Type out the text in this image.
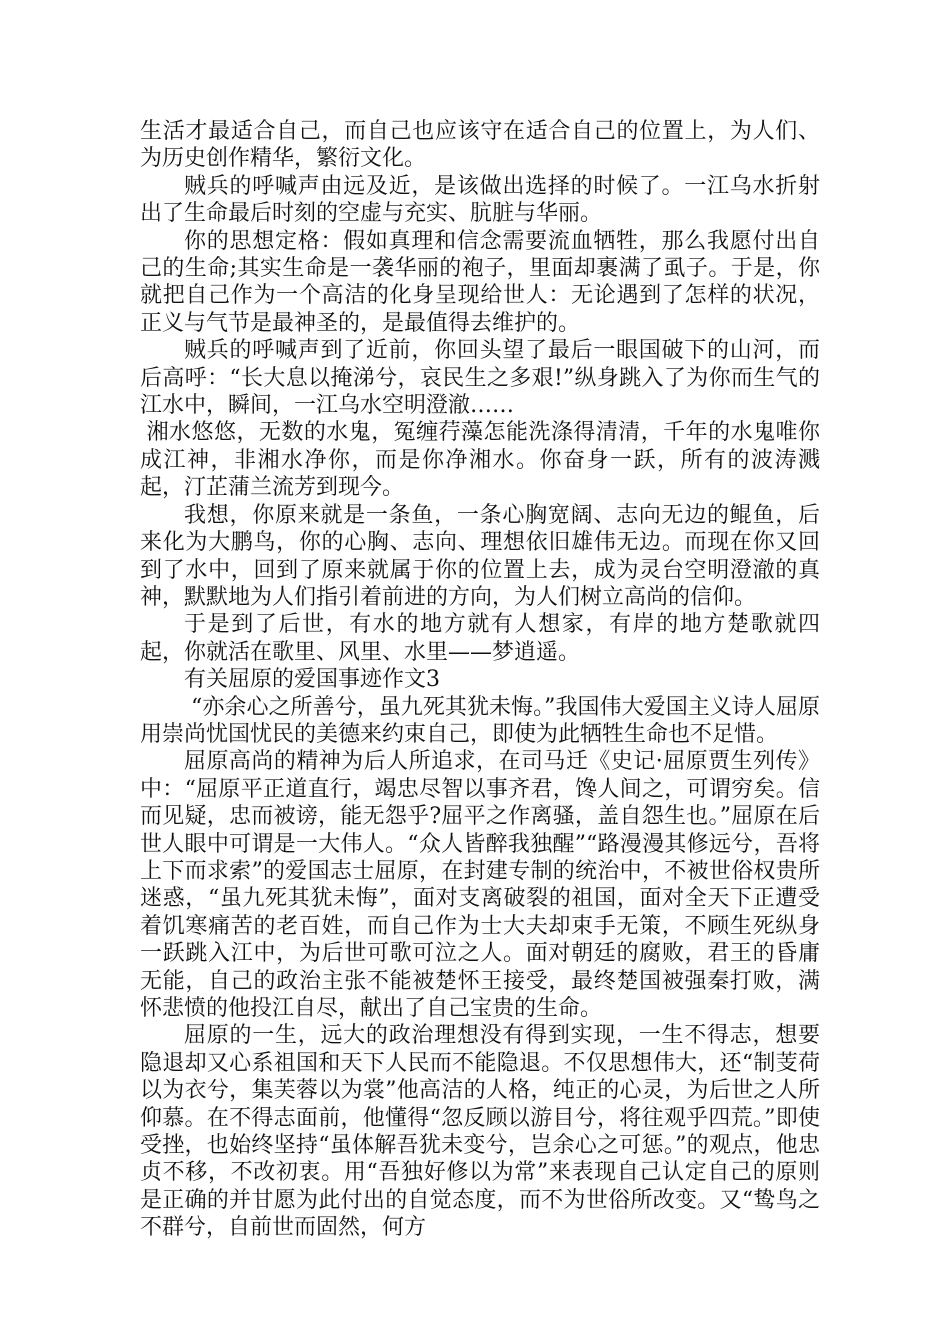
生活才最适合自己，而自己也应该守在适合自己的位置上，为人们、为历史创作精华，繁衍文化。

贼兵的呼喊声由远及近，是该做出选择的时候了。一江乌水折射出了生命最后时刻的空虚与充实、肮脏与华丽。

你的思想定格：假如真理和信念需要流血牺牲，那么我愿付出自己的生命;其实生命是一袭华丽的袍子，里面却裹满了虱子。于是，你就把自己作为一个高洁的化身呈现给世人：无论遇到了怎样的状况，正义与气节是最神圣的，是最值得去维护的。

贼兵的呼喊声到了近前，你回头望了最后一眼国破下的山河，而后高呼：“长大息以掩涕兮，哀民生之多艰!”纵身跳入了为你而生气的江水中，瞬间，一江乌水空明澄澈……

湘水悠悠，无数的水鬼，冤缠荇藻怎能洗涤得清清，千年的水鬼唯你成江神，非湘水净你，而是你净湘水。你奋身一跃，所有的波涛溅起，汀芷蒲兰流芳到现今。

我想，你原来就是一条鱼，一条心胸宽阔、志向无边的鲲鱼，后来化为大鹏鸟，你的心胸、志向、理想依旧雄伟无边。而现在你又回到了水中，回到了原来就属于你的位置上去，成为灵台空明澄澈的真神，默默地为人们指引着前进的方向，为人们树立高尚的信仰。

于是到了后世，有水的地方就有人想家，有岸的地方楚歌就四起，你就活在歌里、风里、水里——梦逍遥。

有关屈原的爱国事迹作文3

“亦余心之所善兮，虽九死其犹未悔。”我国伟大爱国主义诗人屈原用崇尚忧国忧民的美德来约束自己，即使为此牺牲生命也不足惜。

屈原高尚的精神为后人所追求，在司马迁《史记·屈原贾生列传》中：“屈原平正道直行，竭忠尽智以事齐君，馋人间之，可谓穷矣。信而见疑，忠而被谤，能无怨乎?屈平之作离骚，盖自怨生也。”屈原在后世人眼中可谓是一大伟人。“众人皆醉我独醒”“路漫漫其修远兮，吾将上下而求索”的爱国志士屈原，在封建专制的统治中，不被世俗权贵所迷惑，“虽九死其犹未悔”，面对支离破裂的祖国，面对全天下正遭受着饥寒痛苦的老百姓，而自己作为士大夫却束手无策，不顾生死纵身一跃跳入江中，为后世可歌可泣之人。面对朝廷的腐败，君王的昏庸无能，自己的政治主张不能被楚怀王接受，最终楚国被强秦打败，满怀悲愤的他投江自尽，献出了自己宝贵的生命。

屈原的一生，远大的政治理想没有得到实现，一生不得志，想要隐退却又心系祖国和天下人民而不能隐退。不仅思想伟大，还“制芰荷以为衣兮，集芙蓉以为裳”他高洁的人格，纯正的心灵，为后世之人所仰慕。在不得志面前，他懂得“忽反顾以游目兮，将往观乎四荒。”即使受挫，也始终坚持“虽体解吾犹未变兮，岂余心之可惩。”的观点，他忠贞不移，不改初衷。用“吾独好修以为常”来表现自己认定自己的原则是正确的并甘愿为此付出的自觉态度，而不为世俗所改变。又“鸷鸟之不群兮，自前世而固然，何方
